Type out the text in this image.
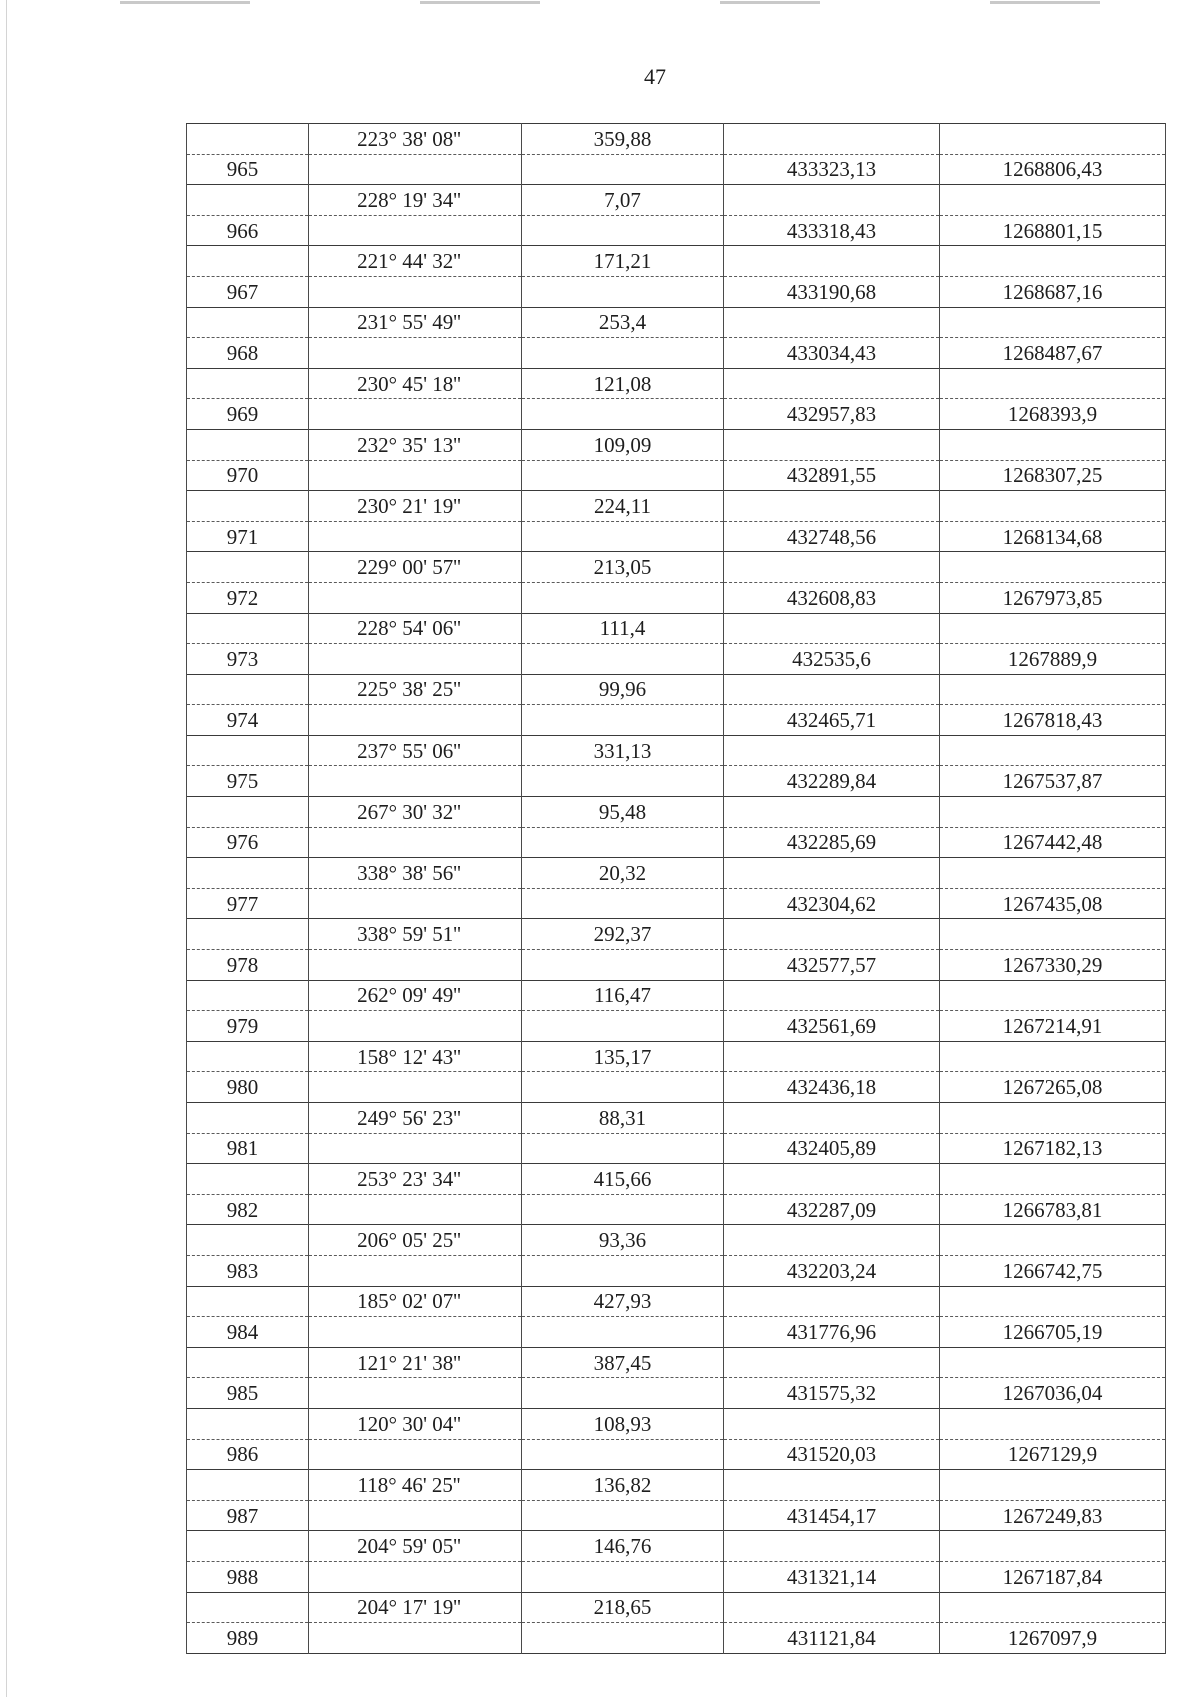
47
	223° 38' 08''	359,88		
965			433323,13	1268806,43
	228° 19' 34''	7,07		
966			433318,43	1268801,15
	221° 44' 32''	171,21		
967			433190,68	1268687,16
	231° 55' 49''	253,4		
968			433034,43	1268487,67
	230° 45' 18''	121,08		
969			432957,83	1268393,9
	232° 35' 13''	109,09		
970			432891,55	1268307,25
	230° 21' 19''	224,11		
971			432748,56	1268134,68
	229° 00' 57''	213,05		
972			432608,83	1267973,85
	228° 54' 06''	111,4		
973			432535,6	1267889,9
	225° 38' 25''	99,96		
974			432465,71	1267818,43
	237° 55' 06''	331,13		
975			432289,84	1267537,87
	267° 30' 32''	95,48		
976			432285,69	1267442,48
	338° 38' 56''	20,32		
977			432304,62	1267435,08
	338° 59' 51''	292,37		
978			432577,57	1267330,29
	262° 09' 49''	116,47		
979			432561,69	1267214,91
	158° 12' 43''	135,17		
980			432436,18	1267265,08
	249° 56' 23''	88,31		
981			432405,89	1267182,13
	253° 23' 34''	415,66		
982			432287,09	1266783,81
	206° 05' 25''	93,36		
983			432203,24	1266742,75
	185° 02' 07''	427,93		
984			431776,96	1266705,19
	121° 21' 38''	387,45		
985			431575,32	1267036,04
	120° 30' 04''	108,93		
986			431520,03	1267129,9
	118° 46' 25''	136,82		
987			431454,17	1267249,83
	204° 59' 05''	146,76		
988			431321,14	1267187,84
	204° 17' 19''	218,65		
989			431121,84	1267097,9
